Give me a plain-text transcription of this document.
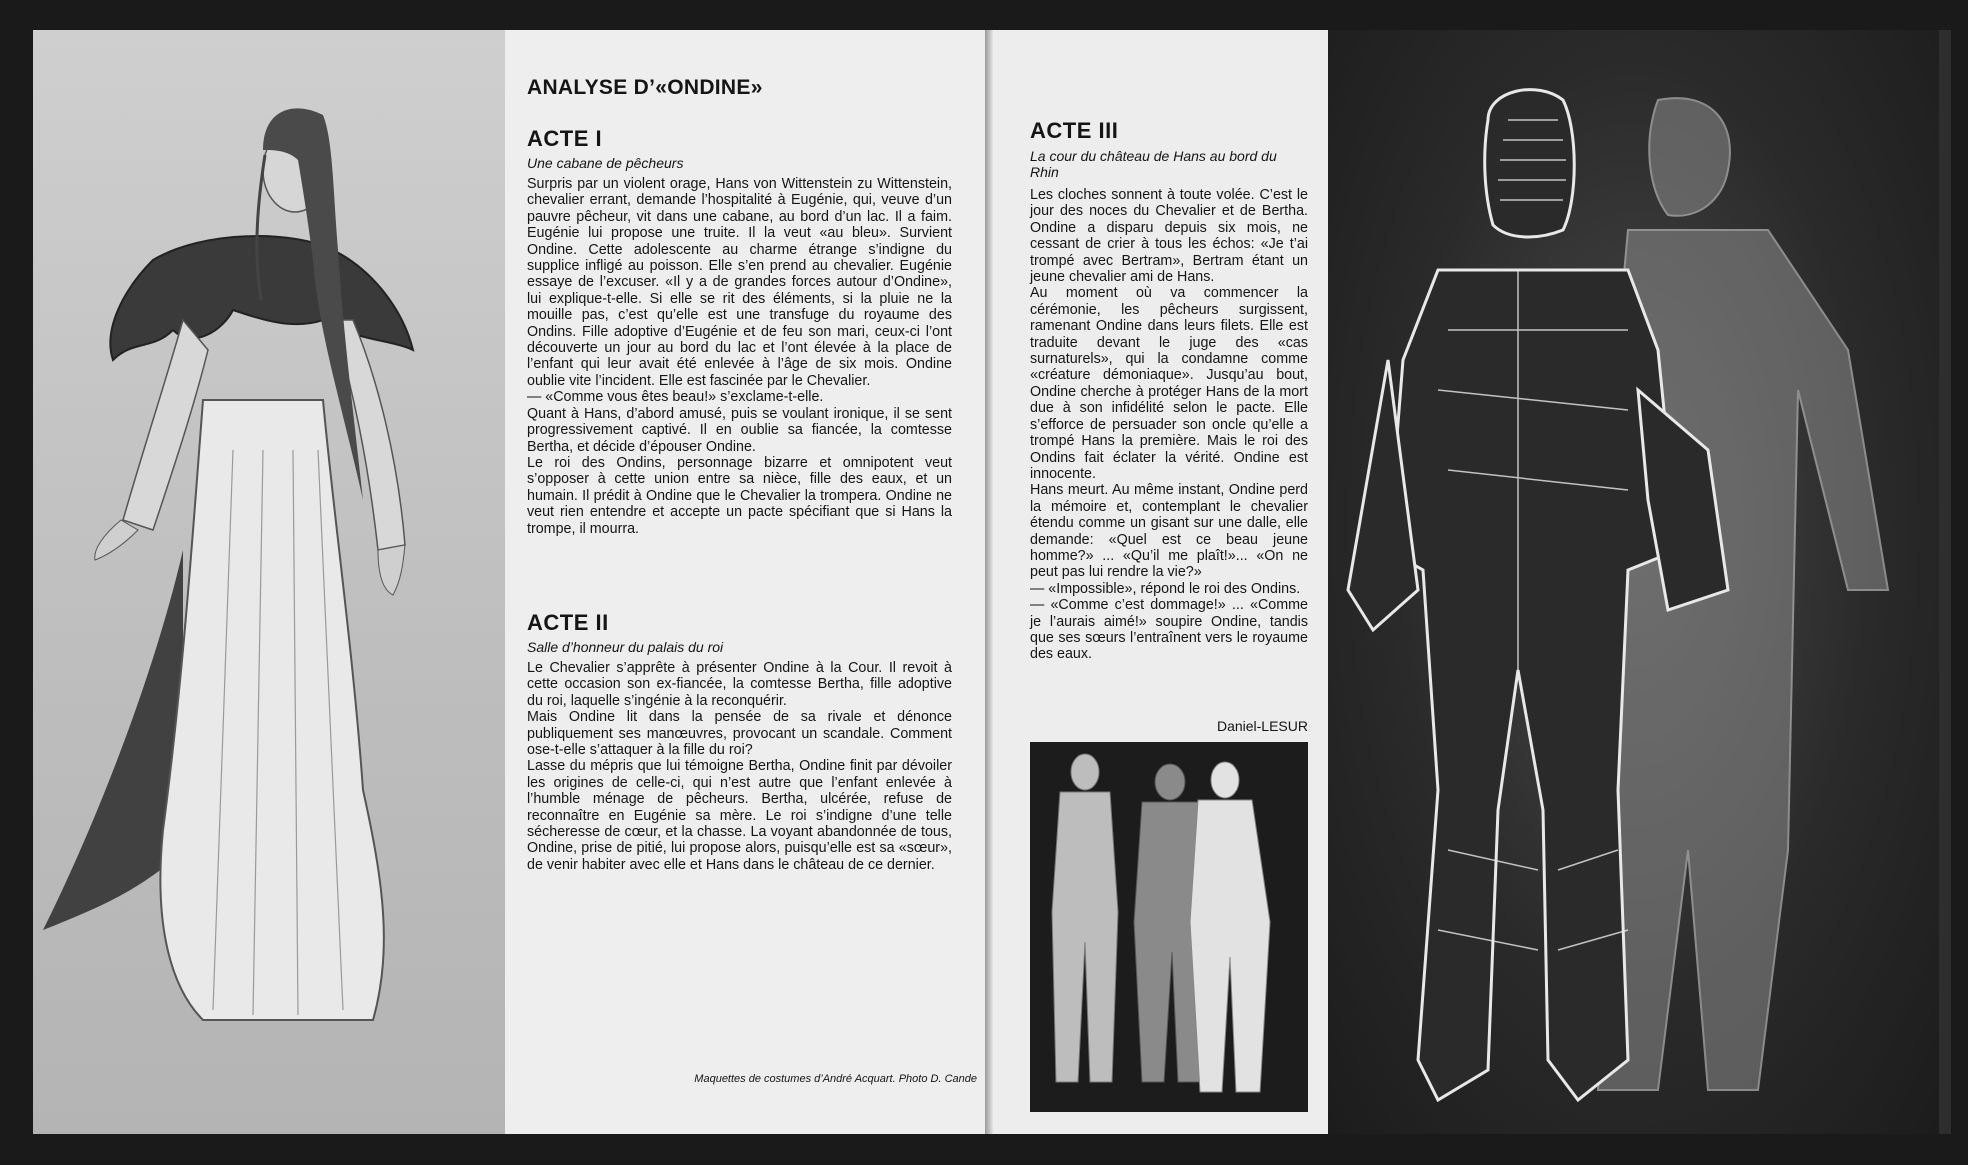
ANALYSE D’«ONDINE»
ACTE I

Une cabane de pêcheurs

Surpris par un violent orage, Hans von Wittenstein zu Wittenstein, chevalier errant, demande l’hospitalité à Eugénie, qui, veuve d’un pauvre pêcheur, vit dans une cabane, au bord d’un lac. Il a faim. Eugénie lui propose une truite. Il la veut «au bleu». Survient Ondine. Cette adolescente au charme étrange s’indigne du supplice infligé au poisson. Elle s’en prend au chevalier. Eugénie essaye de l’excuser. «Il y a de grandes forces autour d’Ondine», lui explique-t-elle. Si elle se rit des éléments, si la pluie ne la mouille pas, c’est qu’elle est une transfuge du royaume des Ondins. Fille adoptive d’Eugénie et de feu son mari, ceux-ci l’ont découverte un jour au bord du lac et l’ont élevée à la place de l’enfant qui leur avait été enlevée à l’âge de six mois. Ondine oublie vite l’incident. Elle est fascinée par le Chevalier.

— «Comme vous êtes beau!» s’exclame-t-elle.

Quant à Hans, d’abord amusé, puis se voulant ironique, il se sent progressivement captivé. Il en oublie sa fiancée, la comtesse Bertha, et décide d’épouser Ondine.

Le roi des Ondins, personnage bizarre et omnipotent veut s’opposer à cette union entre sa nièce, fille des eaux, et un humain. Il prédit à Ondine que le Chevalier la trompera. Ondine ne veut rien entendre et accepte un pacte spécifiant que si Hans la trompe, il mourra.

ACTE II

Salle d’honneur du palais du roi

Le Chevalier s’apprête à présenter Ondine à la Cour. Il revoit à cette occasion son ex-fiancée, la comtesse Bertha, fille adoptive du roi, laquelle s’ingénie à la reconquérir.

Mais Ondine lit dans la pensée de sa rivale et dénonce publiquement ses manœuvres, provocant un scandale. Comment ose-t-elle s’attaquer à la fille du roi?

Lasse du mépris que lui témoigne Bertha, Ondine finit par dévoiler les origines de celle-ci, qui n’est autre que l’enfant enlevée à l’humble ménage de pêcheurs. Bertha, ulcérée, refuse de reconnaître en Eugénie sa mère. Le roi s’indigne d’une telle sécheresse de cœur, et la chasse. La voyant abandonnée de tous, Ondine, prise de pitié, lui propose alors, puisqu’elle est sa «sœur», de venir habiter avec elle et Hans dans le château de ce dernier.

Maquettes de costumes d’André Acquart. Photo D. Cande
ACTE III

La cour du château de Hans au bord du Rhin

Les cloches sonnent à toute volée. C’est le jour des noces du Chevalier et de Bertha. Ondine a disparu depuis six mois, ne cessant de crier à tous les échos: «Je t’ai trompé avec Bertram», Bertram étant un jeune chevalier ami de Hans.

Au moment où va commencer la cérémonie, les pêcheurs surgissent, ramenant Ondine dans leurs filets. Elle est traduite devant le juge des «cas surnaturels», qui la condamne comme «créature démoniaque». Jusqu’au bout, Ondine cherche à protéger Hans de la mort due à son infidélité selon le pacte. Elle s’efforce de persuader son oncle qu’elle a trompé Hans la première. Mais le roi des Ondins fait éclater la vérité. Ondine est innocente.

Hans meurt. Au même instant, Ondine perd la mémoire et, contemplant le chevalier étendu comme un gisant sur une dalle, elle demande: «Quel est ce beau jeune homme?» ... «Qu’il me plaît!»... «On ne peut pas lui rendre la vie?»

— «Impossible», répond le roi des Ondins.

— «Comme c’est dommage!» ... «Comme je l’aurais aimé!» soupire Ondine, tandis que ses sœurs l’entraînent vers le royaume des eaux.

Daniel-LESUR
